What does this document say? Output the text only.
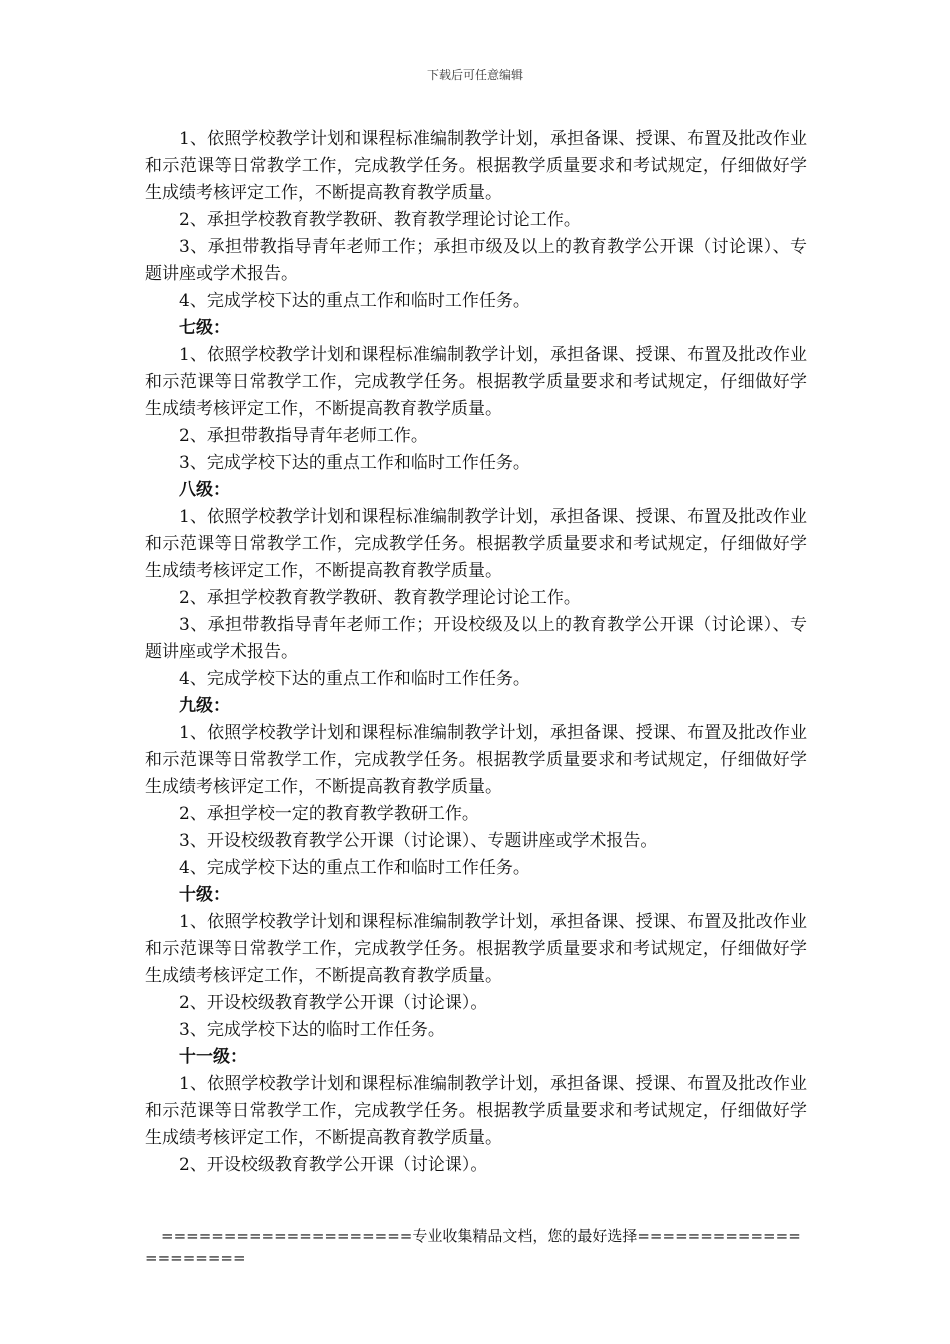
下载后可任意编辑

1、依照学校教学计划和课程标准编制教学计划，承担备课、授课、布置及批改作业和示范课等日常教学工作，完成教学任务。根据教学质量要求和考试规定，仔细做好学生成绩考核评定工作，不断提高教育教学质量。

2、承担学校教育教学教研、教育教学理论讨论工作。

3、承担带教指导青年老师工作；承担市级及以上的教育教学公开课（讨论课）、专题讲座或学术报告。

4、完成学校下达的重点工作和临时工作任务。

七级：

1、依照学校教学计划和课程标准编制教学计划，承担备课、授课、布置及批改作业和示范课等日常教学工作，完成教学任务。根据教学质量要求和考试规定，仔细做好学生成绩考核评定工作，不断提高教育教学质量。

2、承担带教指导青年老师工作。

3、完成学校下达的重点工作和临时工作任务。

八级：

1、依照学校教学计划和课程标准编制教学计划，承担备课、授课、布置及批改作业和示范课等日常教学工作，完成教学任务。根据教学质量要求和考试规定，仔细做好学生成绩考核评定工作，不断提高教育教学质量。

2、承担学校教育教学教研、教育教学理论讨论工作。

3、承担带教指导青年老师工作；开设校级及以上的教育教学公开课（讨论课）、专题讲座或学术报告。

4、完成学校下达的重点工作和临时工作任务。

九级：

1、依照学校教学计划和课程标准编制教学计划，承担备课、授课、布置及批改作业和示范课等日常教学工作，完成教学任务。根据教学质量要求和考试规定，仔细做好学生成绩考核评定工作，不断提高教育教学质量。

2、承担学校一定的教育教学教研工作。

3、开设校级教育教学公开课（讨论课）、专题讲座或学术报告。

4、完成学校下达的重点工作和临时工作任务。

十级：

1、依照学校教学计划和课程标准编制教学计划，承担备课、授课、布置及批改作业和示范课等日常教学工作，完成教学任务。根据教学质量要求和考试规定，仔细做好学生成绩考核评定工作，不断提高教育教学质量。

2、开设校级教育教学公开课（讨论课）。

3、完成学校下达的临时工作任务。

十一级：

1、依照学校教学计划和课程标准编制教学计划，承担备课、授课、布置及批改作业和示范课等日常教学工作，完成教学任务。根据教学质量要求和考试规定，仔细做好学生成绩考核评定工作，不断提高教育教学质量。

2、开设校级教育教学公开课（讨论课）。

====================专业收集精品文档，您的最好选择=====================
